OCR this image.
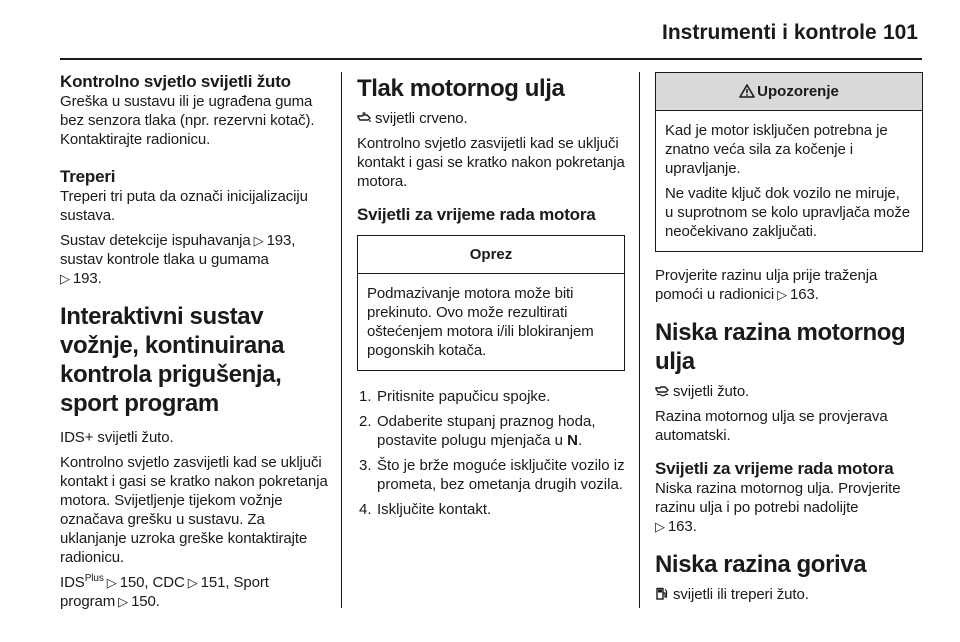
Instrumenti i kontrole 101
Kontrolno svjetlo svijetli žuto
Greška u sustavu ili je ugrađena guma bez senzora tlaka (npr. rezervni kotač). Kontaktirajte radionicu.
Treperi
Treperi tri puta da označi inicijalizaciju sustava.
Sustav detekcije ispuhavanja ▷ 193,
sustav kontrole tlaka u gumama
▷ 193.
Interaktivni sustav vožnje, kontinuirana kontrola prigušenja, sport program
IDS+ svijetli žuto.
Kontrolno svjetlo zasvijetli kad se uključi kontakt i gasi se kratko nakon pokretanja motora. Svijetljenje tijekom vožnje označava grešku u sustavu. Za uklanjanje uzroka greške kontaktirajte radionicu.
$IDS^{Plus}$ ▷ 150, CDC ▷ 151, Sport
program ▷ 150.
Tlak motornog ulja
svijetli crveno.
Kontrolno svjetlo zasvijetli kad se uključi kontakt i gasi se kratko nakon pokretanja motora.
Svijetli za vrijeme rada motora
Oprez
Podmazivanje motora može biti prekinuto. Ovo može rezultirati oštećenjem motora i/ili blokiranjem pogonskih kotača.
1. Pritisnite papučicu spojke.
2. Odaberite stupanj praznog hoda, postavite polugu mjenjača u N.
3. Što je brže moguće isključite vozilo iz prometa, bez ometanja drugih vozila.
4. Isključite kontakt.
Upozorenje
Kad je motor isključen potrebna je znatno veća sila za kočenje i upravljanje.
Ne vadite ključ dok vozilo ne miruje, u suprotnom se kolo upravljača može neočekivano zaključati.
Provjerite razinu ulja prije traženja pomoći u radionici ▷ 163.
Niska razina motornog ulja
svijetli žuto.
Razina motornog ulja se provjerava automatski.
Svijetli za vrijeme rada motora
Niska razina motornog ulja. Provjerite razinu ulja i po potrebi nadolijte
▷ 163.
Niska razina goriva
svijetli ili treperi žuto.
